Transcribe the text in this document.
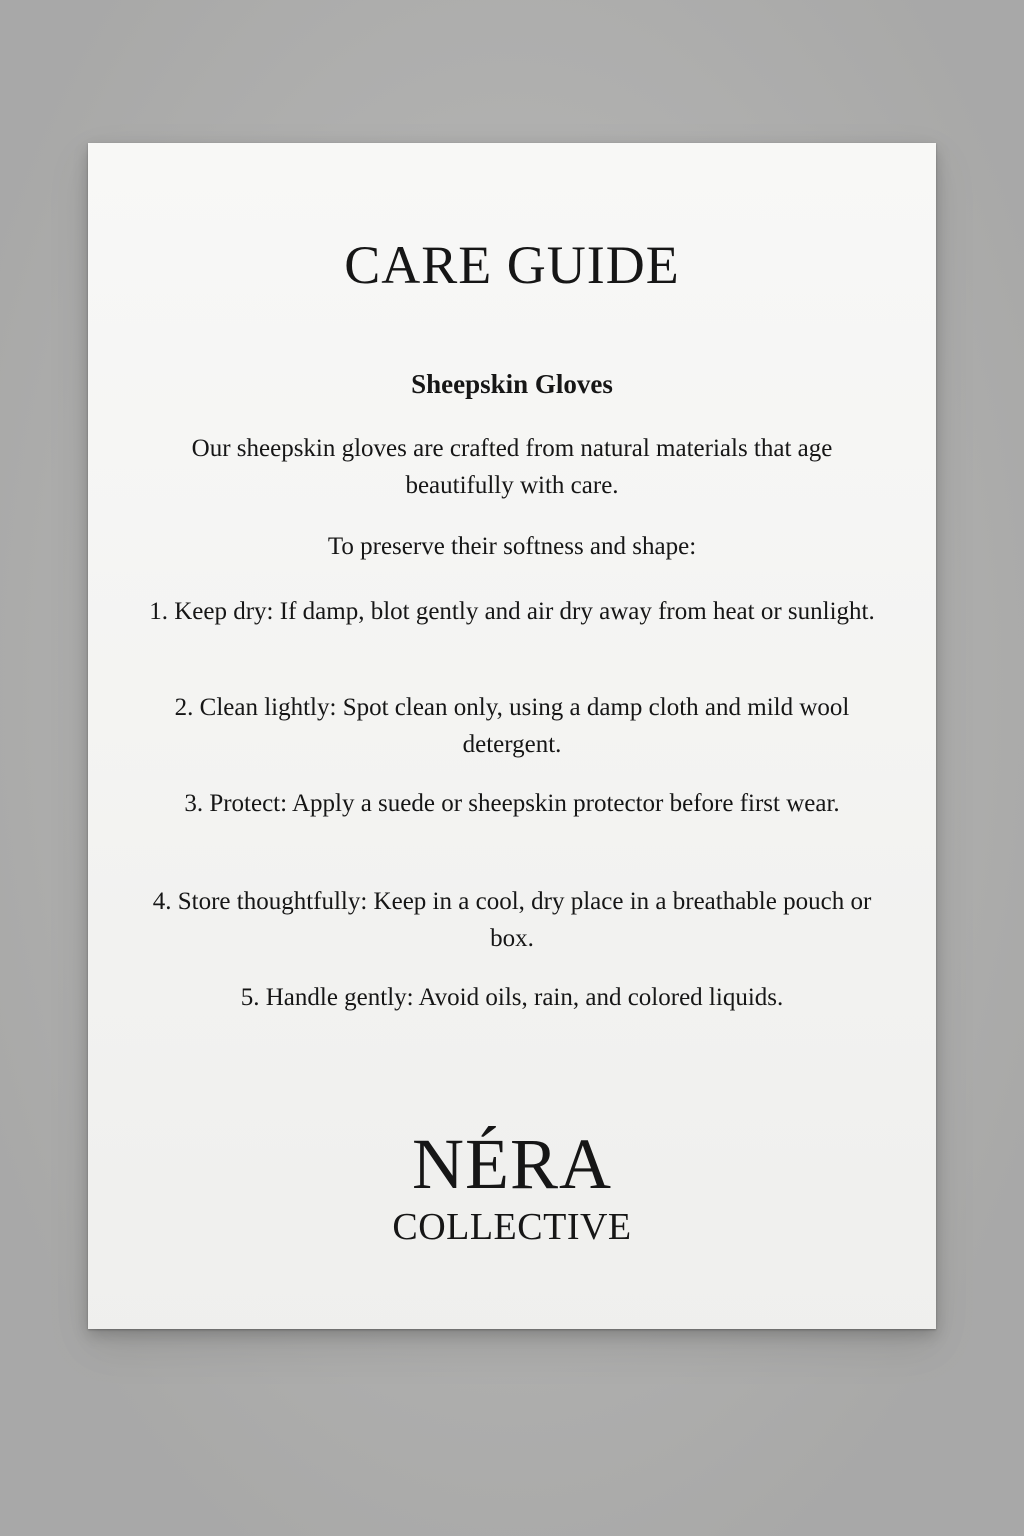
CARE GUIDE
Sheepskin Gloves
Our sheepskin gloves are crafted from natural materials that age beautifully with care.
To preserve their softness and shape:
1. Keep dry: If damp, blot gently and air dry away from heat or sunlight.
2. Clean lightly: Spot clean only, using a damp cloth and mild wool detergent.
3. Protect: Apply a suede or sheepskin protector before first wear.
4. Store thoughtfully: Keep in a cool, dry place in a breathable pouch or box.
5. Handle gently: Avoid oils, rain, and colored liquids.
NÉRA
COLLECTIVE
